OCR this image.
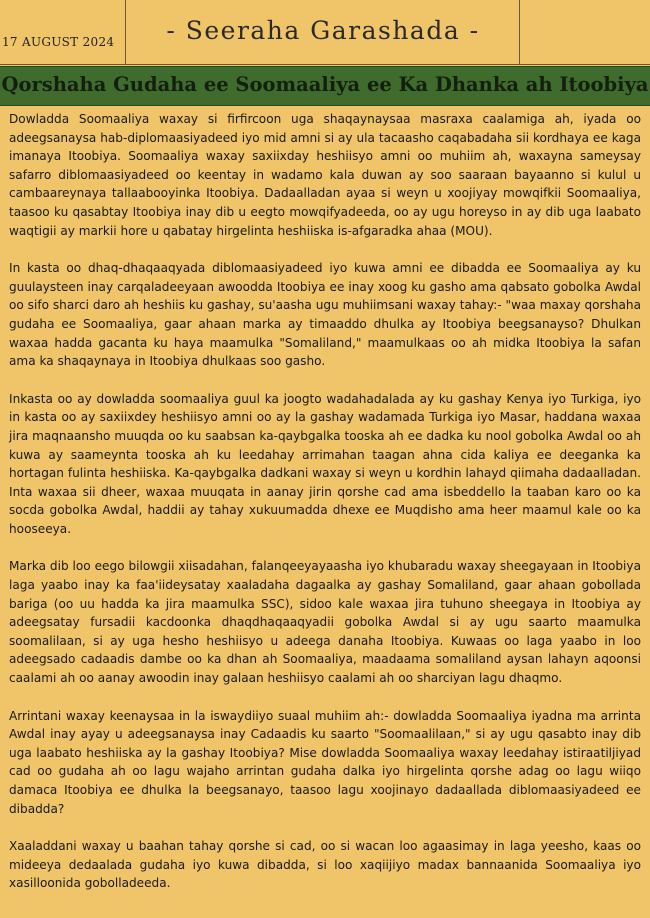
17 AUGUST 2024	- Seeraha Garashada -
Qorshaha Gudaha ee Soomaaliya ee Ka Dhanka ah Itoobiya

Dowladda Soomaaliya waxay si firfircoon uga shaqaynaysaa masraxa caalamiga ah, iyada oo adeegsanaysa hab-diplomaasiyadeed iyo mid amni si ay ula tacaasho caqabadaha sii kordhaya ee kaga imanaya Itoobiya. Soomaaliya waxay saxiixday heshiisyo amni oo muhiim ah, waxayna sameysay safarro diblomaasiyadeed oo keentay in wadamo kala duwan ay soo saaraan bayaanno si kulul u cambaareynaya tallaabooyinka Itoobiya. Dadaalladan ayaa si weyn u xoojiyay mowqifkii Soomaaliya, taasoo ku qasabtay Itoobiya inay dib u eegto mowqifyadeeda, oo ay ugu horeyso in ay dib uga laabato waqtigii ay markii hore u qabatay hirgelinta heshiiska is-afgaradka ahaa (MOU).

In kasta oo dhaq-dhaqaaqyada diblomaasiyadeed iyo kuwa amni ee dibadda ee Soomaaliya ay ku guulaysteen inay carqaladeeyaan awoodda Itoobiya ee inay xoog ku gasho ama qabsato gobolka Awdal oo sifo sharci daro ah heshiis ku gashay, su'aasha ugu muhiimsani waxay tahay:- "waa maxay qorshaha gudaha ee Soomaaliya, gaar ahaan marka ay timaaddo dhulka ay Itoobiya beegsanayso? Dhulkan waxaa hadda gacanta ku haya maamulka "Somaliland," maamulkaas oo ah midka Itoobiya la safan ama ka shaqaynaya in Itoobiya dhulkaas soo gasho.

Inkasta oo ay dowladda soomaaliya guul ka joogto wadahadalada ay ku gashay Kenya iyo Turkiga, iyo in kasta oo ay saxiixdey heshiisyo amni oo ay la gashay wadamada Turkiga iyo Masar, haddana waxaa jira maqnaansho muuqda oo ku saabsan ka-qaybgalka tooska ah ee dadka ku nool gobolka Awdal oo ah kuwa ay saameynta tooska ah ku leedahay arrimahan taagan ahna cida kaliya ee deeganka ka hortagan fulinta heshiiska. Ka-qaybgalka dadkani waxay si weyn u kordhin lahayd qiimaha dadaalladan. Inta waxaa sii dheer, waxaa muuqata in aanay jirin qorshe cad ama isbeddello la taaban karo oo ka socda gobolka Awdal, haddii ay tahay xukuumadda dhexe ee Muqdisho ama heer maamul kale oo ka hooseeya.

Marka dib loo eego bilowgii xiisadahan, falanqeeyayaasha iyo khubaradu waxay sheegayaan in Itoobiya laga yaabo inay ka faa'iideysatay xaaladaha dagaalka ay gashay Somaliland, gaar ahaan gobollada bariga (oo uu hadda ka jira maamulka SSC), sidoo kale waxaa jira tuhuno sheegaya in Itoobiya ay adeegsatay fursadii kacdoonka dhaqdhaqaaqyadii gobolka Awdal si ay ugu saarto maamulka soomalilaan, si ay uga hesho heshiisyo u adeega danaha Itoobiya. Kuwaas oo laga yaabo in loo adeegsado cadaadis dambe oo ka dhan ah Soomaaliya, maadaama somaliland aysan lahayn aqoonsi caalami ah oo aanay awoodin inay galaan heshiisyo caalami ah oo sharciyan lagu dhaqmo.

Arrintani waxay keenaysaa in la iswaydiiyo suaal muhiim ah:- dowladda Soomaaliya iyadna ma arrinta Awdal inay ayay u adeegsanaysa inay Cadaadis ku saarto "Soomaalilaan," si ay ugu qasabto inay dib uga laabato heshiiska ay la gashay Itoobiya? Mise dowladda Soomaaliya waxay leedahay istiraatiljiyad cad oo gudaha ah oo lagu wajaho arrintan gudaha dalka iyo hirgelinta qorshe adag oo lagu wiiqo damaca Itoobiya ee dhulka la beegsanayo, taasoo lagu xoojinayo dadaallada diblomaasiyadeed ee dibadda?

Xaaladdani waxay u baahan tahay qorshe si cad, oo si wacan loo agaasimay in laga yeesho, kaas oo mideeya dedaalada gudaha iyo kuwa dibadda, si loo xaqiijiyo madax bannaanida Soomaaliya iyo xasilloonida gobolladeeda.
